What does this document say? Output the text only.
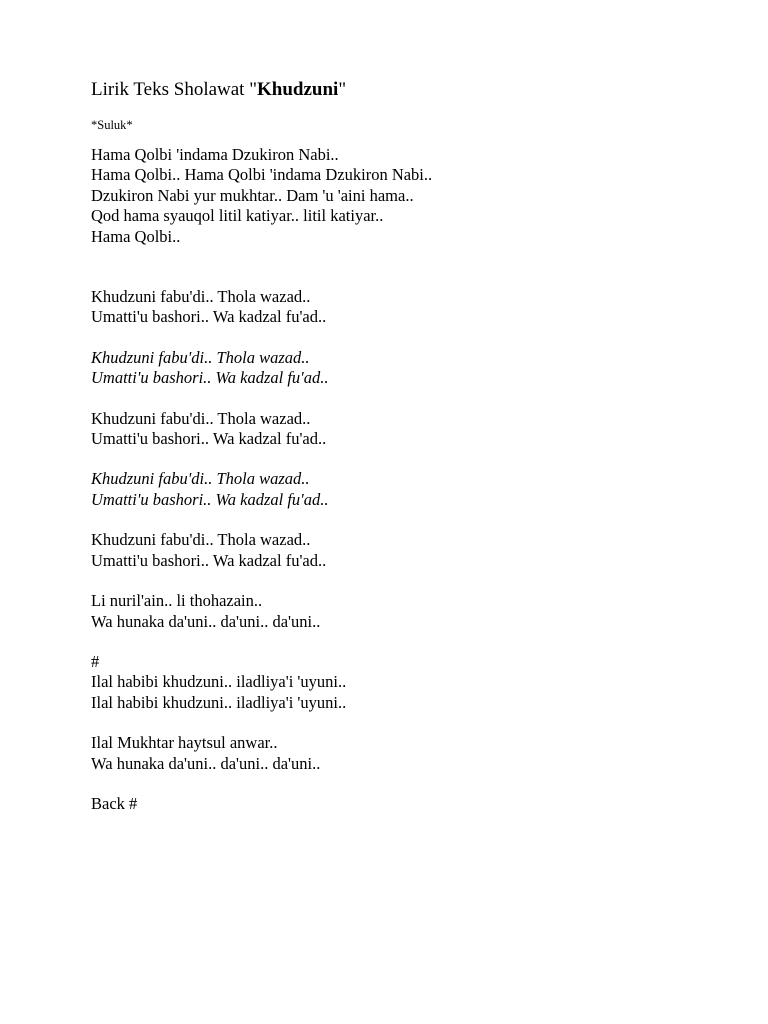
Lirik Teks Sholawat "Khudzuni"

*Suluk*

Hama Qolbi 'indama Dzukiron Nabi..
Hama Qolbi.. Hama Qolbi 'indama Dzukiron Nabi..
Dzukiron Nabi yur mukhtar.. Dam 'u 'aini hama..
Qod hama syauqol litil katiyar.. litil katiyar..
Hama Qolbi..

Khudzuni fabu'di.. Thola wazad..
Umatti'u bashori.. Wa kadzal fu'ad..

Khudzuni fabu'di.. Thola wazad..
Umatti'u bashori.. Wa kadzal fu'ad..

Khudzuni fabu'di.. Thola wazad..
Umatti'u bashori.. Wa kadzal fu'ad..

Khudzuni fabu'di.. Thola wazad..
Umatti'u bashori.. Wa kadzal fu'ad..

Khudzuni fabu'di.. Thola wazad..
Umatti'u bashori.. Wa kadzal fu'ad..

Li nuril'ain.. li thohazain..
Wa hunaka da'uni.. da'uni.. da'uni..

#
Ilal habibi khudzuni.. iladliya'i 'uyuni..
Ilal habibi khudzuni.. iladliya'i 'uyuni..

Ilal Mukhtar haytsul anwar..
Wa hunaka da'uni.. da'uni.. da'uni..

Back #
